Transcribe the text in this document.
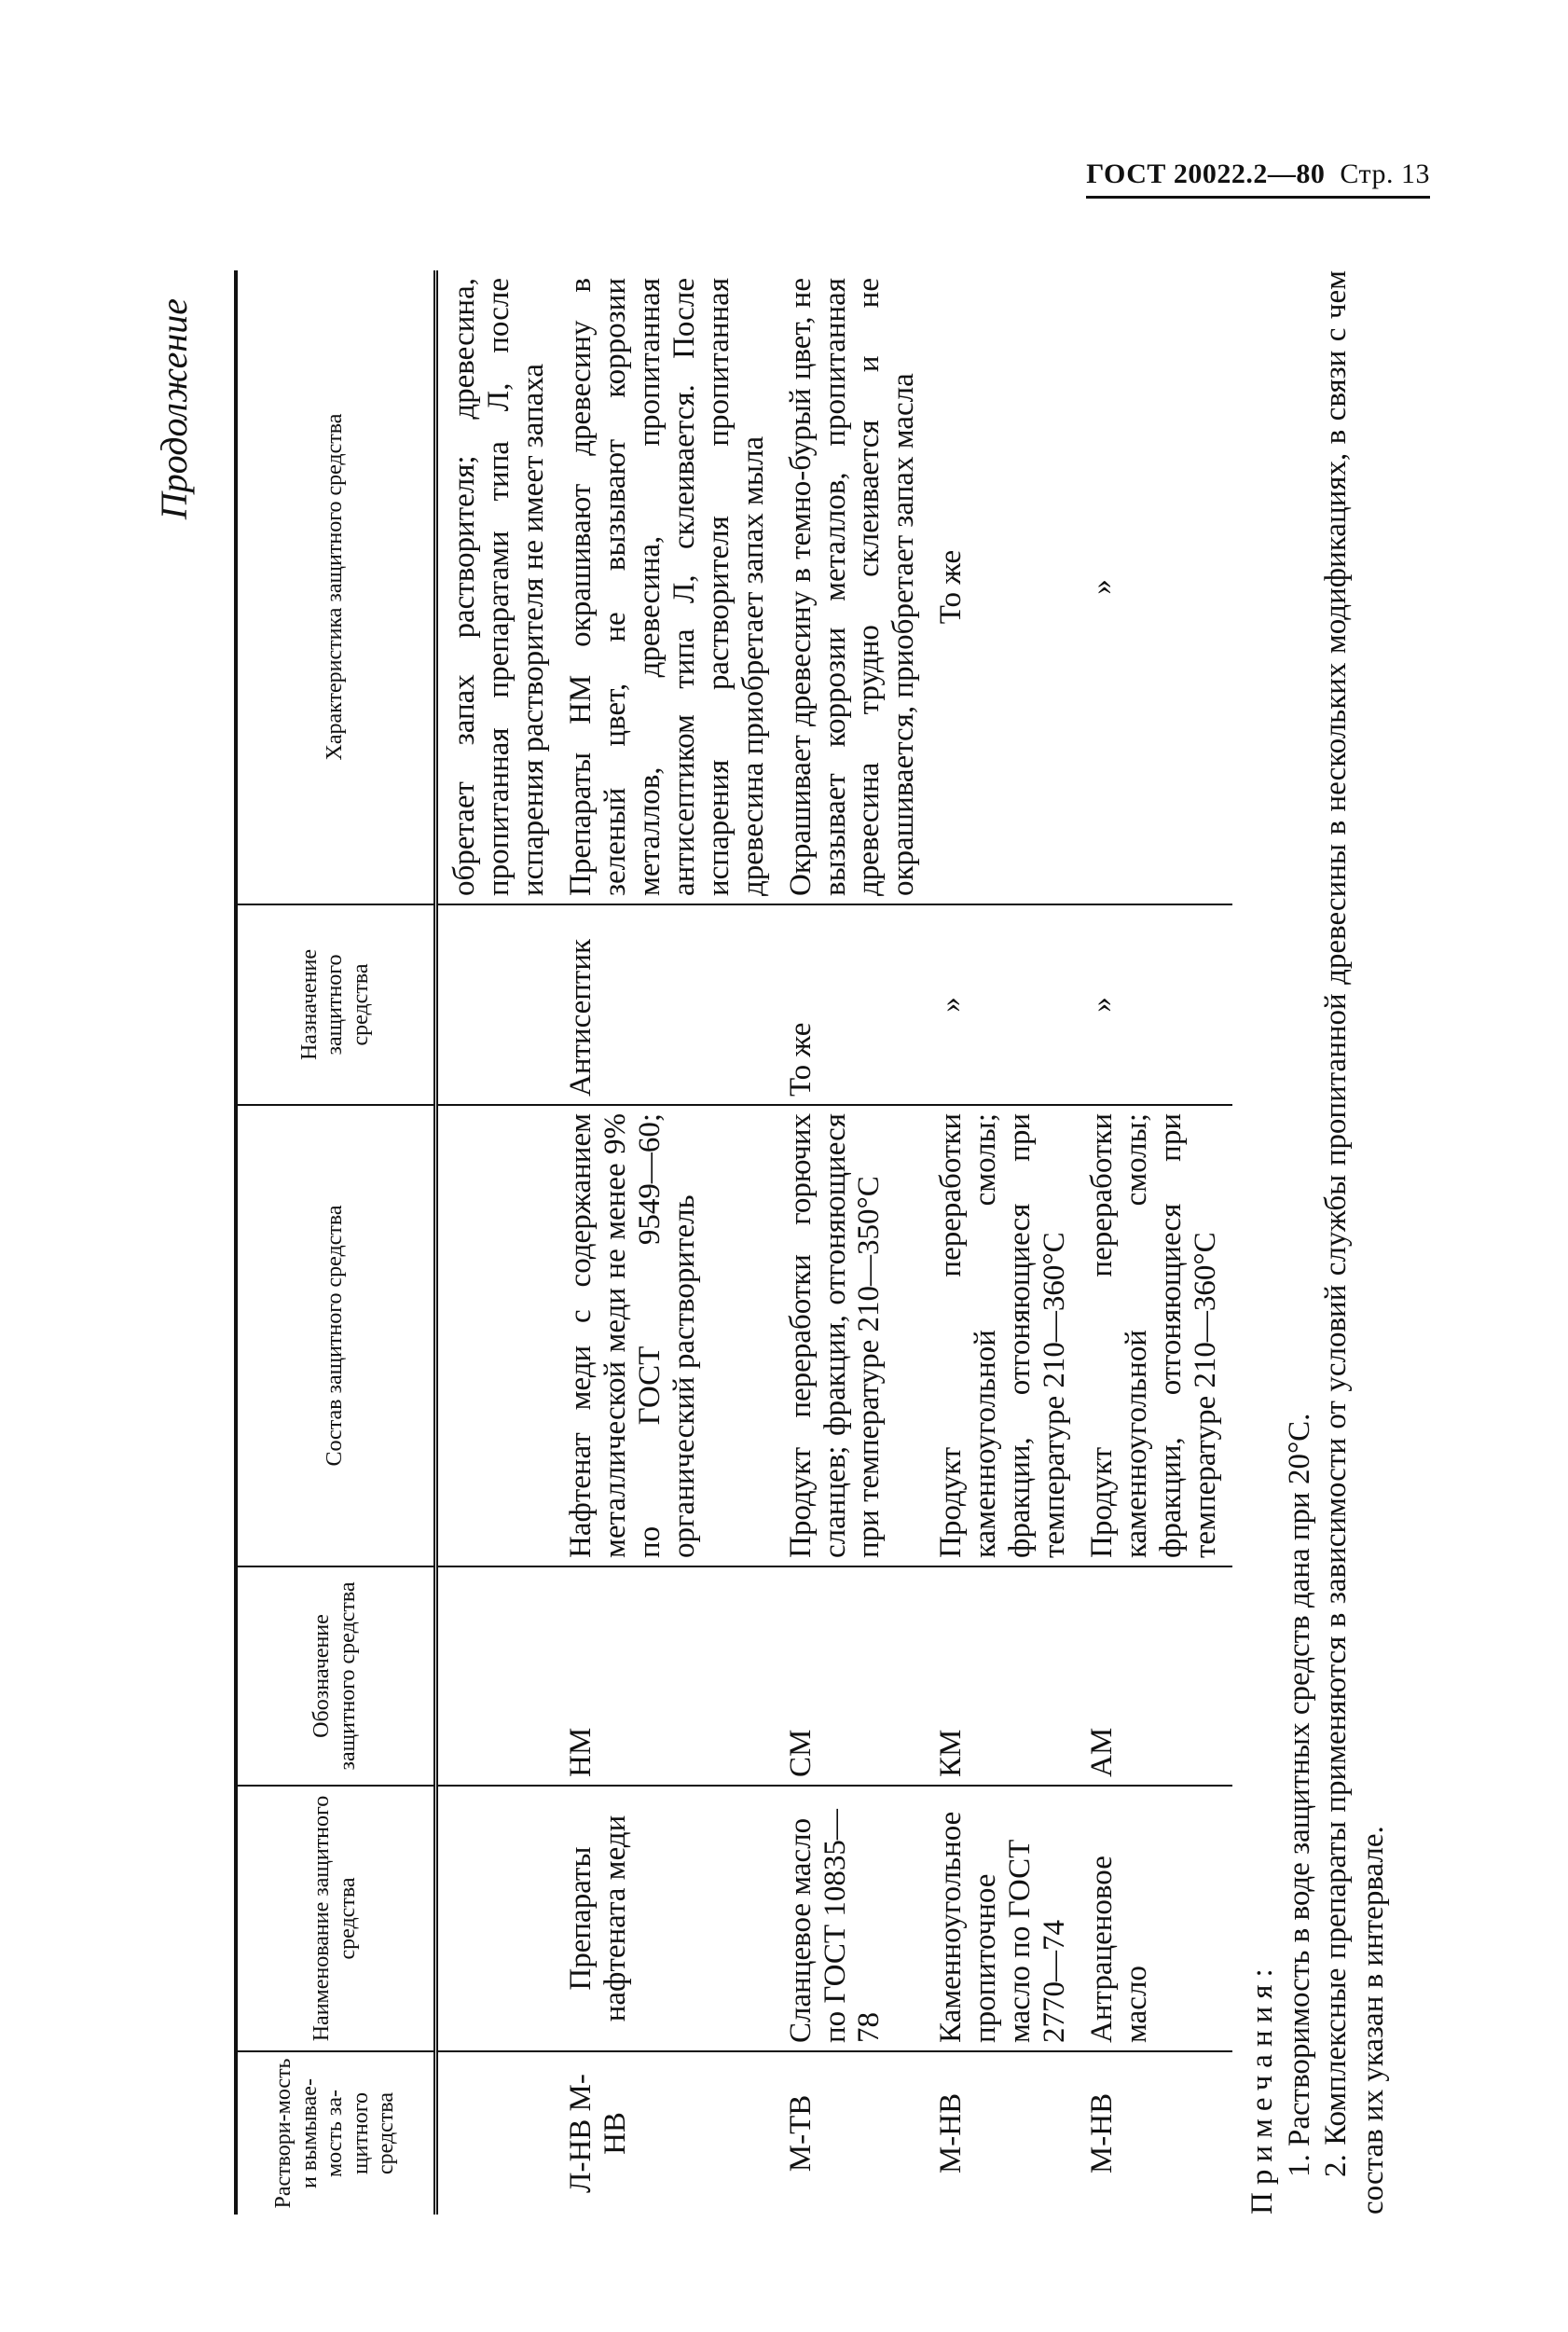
ГОСТ 20022.2—80 Стр. 13
Продолжение
Раствори-мость и вымывае-мость за-щитного средства	Наименование защитного средства	Обозначение защитного средства	Состав защитного средства	Назначение защитного средства	Характеристика защитного средства
					обретает запах растворителя; древесина, пропитанная препаратами типа Л, после испарения растворителя не имеет запаха
Л-НВ М-НВ	Препараты нафтената меди	НМ	Нафтенат меди с содержанием металлической меди не менее 9% по ГОСТ 9549—60; органический растворитель	Антисептик	Препараты НМ окрашивают древесину в зеленый цвет, не вызывают коррозии металлов, древесина, пропитанная антисептиком типа Л, склеивается. После испарения растворителя пропитанная древесина приобретает запах мыла
М-ТВ	Сланцевое масло по ГОСТ 10835—78	СМ	Продукт переработки горючих сланцев; фракции, отгоняющиеся при температуре 210—350°С	То же	Окрашивает древесину в темно-бурый цвет, не вызывает коррозии металлов, пропитанная древесина трудно склеивается и не окрашивается, приобретает запах масла
М-НВ	Каменноугольное пропиточное масло по ГОСТ 2770—74	КМ	Продукт переработки каменноугольной смолы; фракции, отгоняющиеся при температуре 210—360°С	»	То же
М-НВ	Антраценовое масло	АМ	Продукт переработки каменноугольной смолы; фракции, отгоняющиеся при температуре 210—360°С	»	»

Примечания: 1. Растворимость в воде защитных средств дана при 20°С. 2. Комплексные препараты применяются в зависимости от условий службы пропитанной древесины в нескольких модификациях, в связи с чем состав их указан в интервале.
